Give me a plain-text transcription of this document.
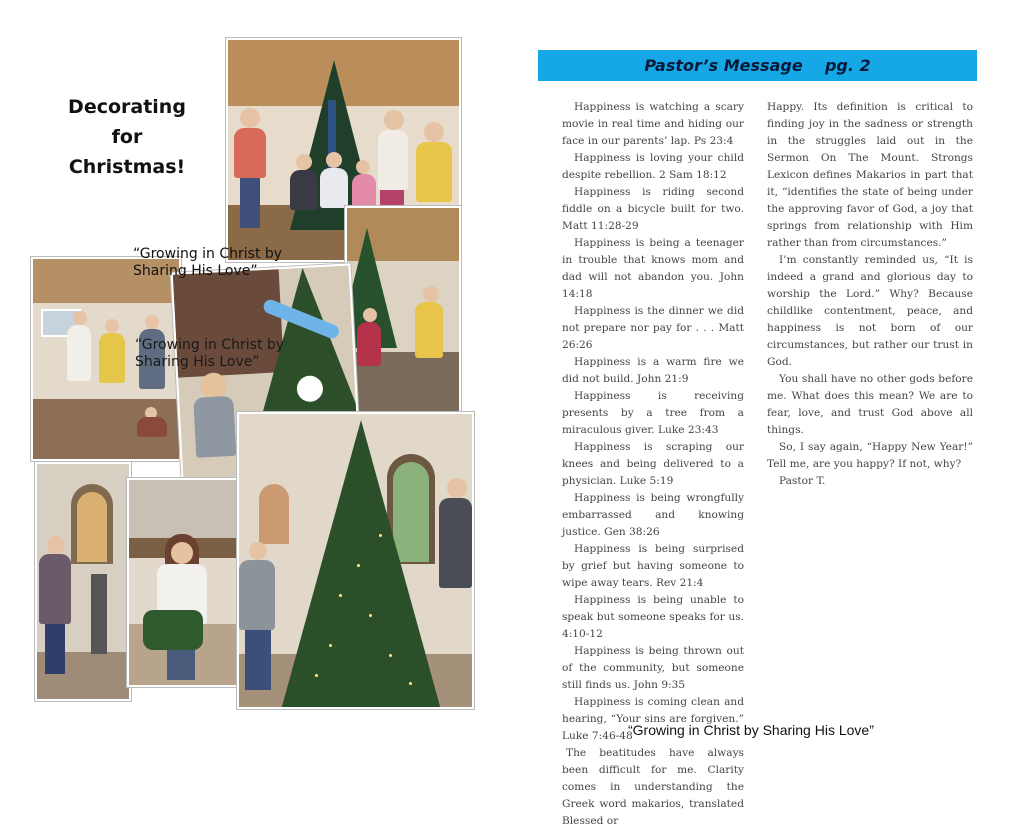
Decorating
for
Christmas!
“Growing in Christ by Sharing His Love”
“Growing in Christ by Sharing His Love”
Pastor’s Message    pg. 2

Happiness is watching a scary movie in real time and hiding our face in our parents’ lap. Ps 23:4

Happiness is loving your child despite rebellion. 2 Sam 18:12

Happiness is riding second fiddle on a bicycle built for two. Matt 11:28-29

Happiness is being a teenager in trouble that knows mom and dad will not abandon you. John 14:18

Happiness is the dinner we did not prepare nor pay for . . . Matt 26:26

Happiness is a warm fire we did not build. John 21:9

Happiness is receiving presents by a tree from a miraculous giver. Luke 23:43

Happiness is scraping our knees and being delivered to a physician. Luke 5:19

Happiness is being wrongfully embarrassed and knowing justice. Gen 38:26

Happiness is being surprised by grief but having someone to wipe away tears. Rev 21:4

Happiness is being unable to speak but someone speaks for us. 4:10-12

Happiness is being thrown out of the community, but someone still finds us. John 9:35

Happiness is coming clean and hearing, “Your sins are forgiven.” Luke 7:46-48

The beatitudes have always been difficult for me. Clarity comes in understanding the Greek word makarios, translated Blessed or

Happy. Its definition is critical to finding joy in the sadness or strength in the struggles laid out in the Sermon On The Mount. Strongs Lexicon defines Makarios in part that it, “identifies the state of being under the approving favor of God, a joy that springs from relationship with Him rather than from circumstances.”

I’m constantly reminded us, “It is indeed a grand and glorious day to worship the Lord.” Why? Because childlike contentment, peace, and happiness is not born of our circumstances, but rather our trust in God.

You shall have no other gods before me. What does this mean? We are to fear, love, and trust God above all things.

So, I say again, “Happy New Year!” Tell me, are you happy? If not, why?

Pastor T.

“Growing in Christ by Sharing His Love”
